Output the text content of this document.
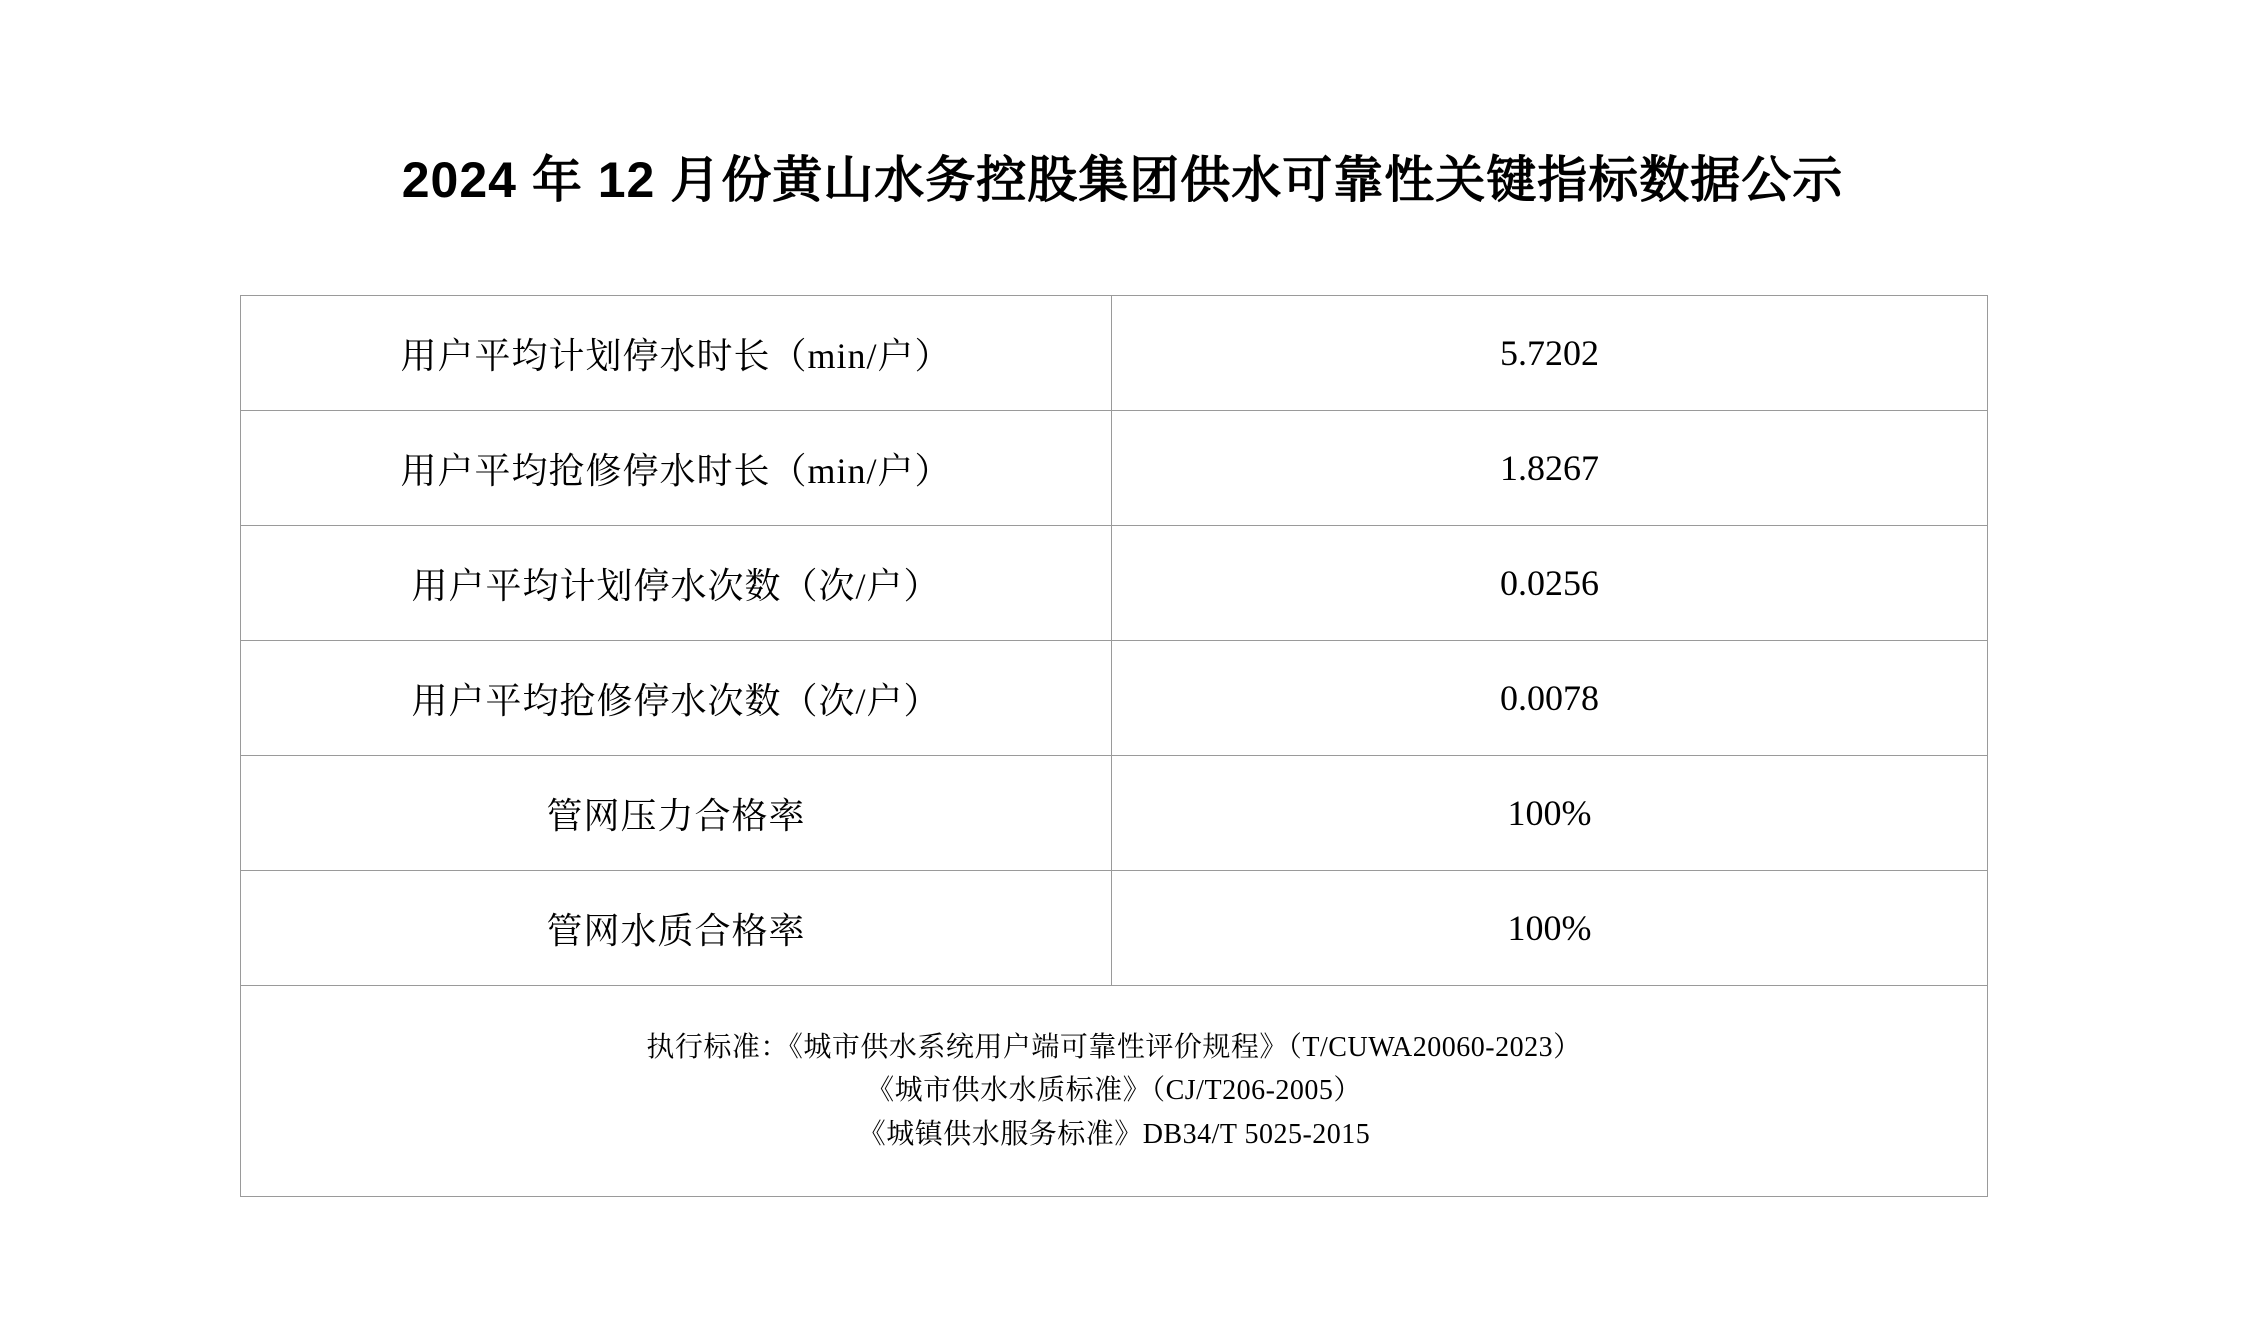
2024 年 12 月份黄山水务控股集团供水可靠性关键指标数据公示
用户平均计划停水时长（min/户）	5.7202
用户平均抢修停水时长（min/户）	1.8267
用户平均计划停水次数（次/户）	0.0256
用户平均抢修停水次数（次/户）	0.0078
管网压力合格率	100%
管网水质合格率	100%

执行标准：《城市供水系统用户端可靠性评价规程》（T/CUWA20060-2023）
《城市供水水质标准》（CJ/T206-2005）
《城镇供水服务标准》DB34/T 5025-2015	
